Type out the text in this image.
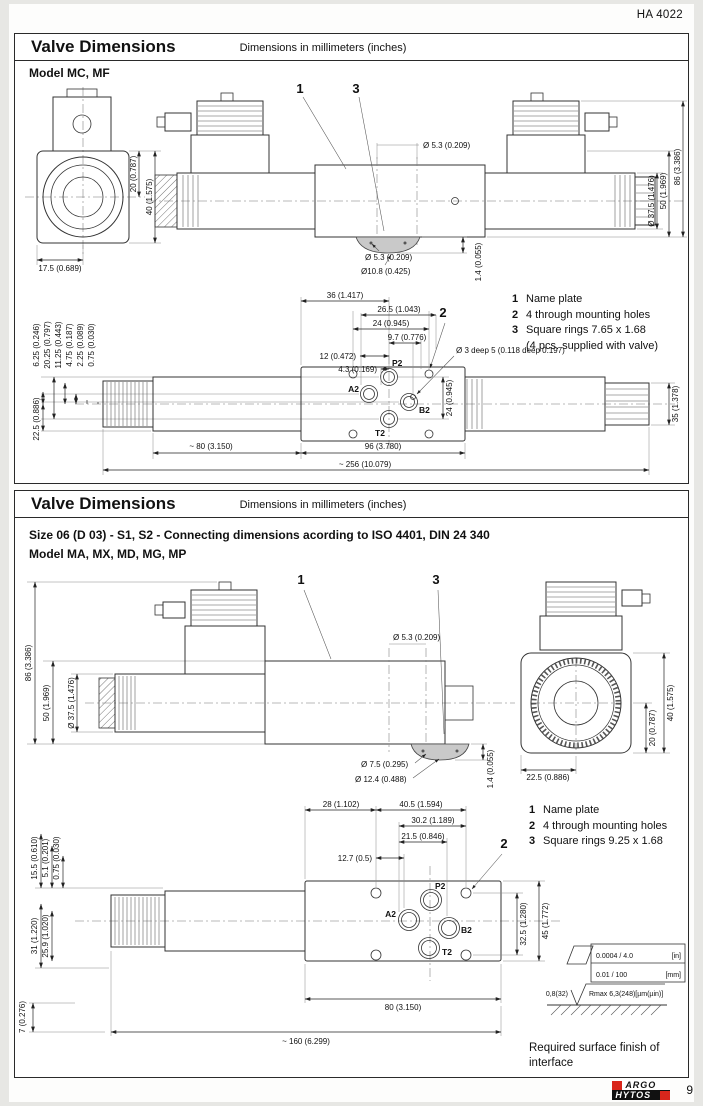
HA 4022
Valve Dimensions	Dimensions in millimeters (inches)
Model MC, MF
20 (0.787)
40 (1.575)
17.5 (0.689)
1	3
Ø 5.3 (0.209)
Ø 37.5 (1.476) 50 (1.969)
86 (3.386)
Ø 5.3 (0.209)
Ø10.8 (0.425)	1.4 (0.055)
6.25 (0.246) 20.25 (0.797) 11.25 (0.443) 4.75 (0.187) 2.25 (0.089) 0.75 (0.030)
22.5 (0.886)
P2
A2
B2
T2
36 (1.417)
26.5 (1.043)
24 (0.945)
9.7 (0.776)
12 (0.472)
4.3 (0.169)
2
Ø 3 deep 5 (0.118 deep 0.197)
24 (0.945)	35 (1.378)
~ 80 (3.150)	96 (3.780)
~ 256 (10.079)
1 Name plate
2 4 through mounting holes
3 Square rings 7.65 x 1.68
(4 pcs. supplied with valve)
Valve Dimensions	Dimensions in millimeters (inches)
Size 06 (D 03) - S1, S2 - Connecting dimensions acording to ISO 4401, DIN 24 340
Model MA, MX, MD, MG, MP
86 (3.386)
50 (1.969) Ø 37.5 (1.476)
1	3
Ø 5.3 (0.209)
20 (0.787)
40 (1.575)
22.5 (0.886)
1.4 (0.055)
Ø 7.5 (0.295)
Ø 12.4 (0.488)
15.5 (0.610) 5.1 (0.201) 0.75 (0.030)
31 (1.220) 25.9 (1.020)
7 (0.276)
P2
A2
B2
T2
28 (1.102)	40.5 (1.594)
30.2 (1.189)
21.5 (0.846)
12.7 (0.5)
2
32.5 (1.280) 45 (1.772)
80 (3.150)
~ 160 (6.299)
0.0004 / 4.0	[in]
0.01 / 100	[mm]
0,8(32)	Rmax 6,3(248)[µm(µin)]
1 Name plate
2 4 through mounting holes
3 Square rings 9.25 x 1.68
Required surface finish of
interface
ARGO
HYTOS	9
